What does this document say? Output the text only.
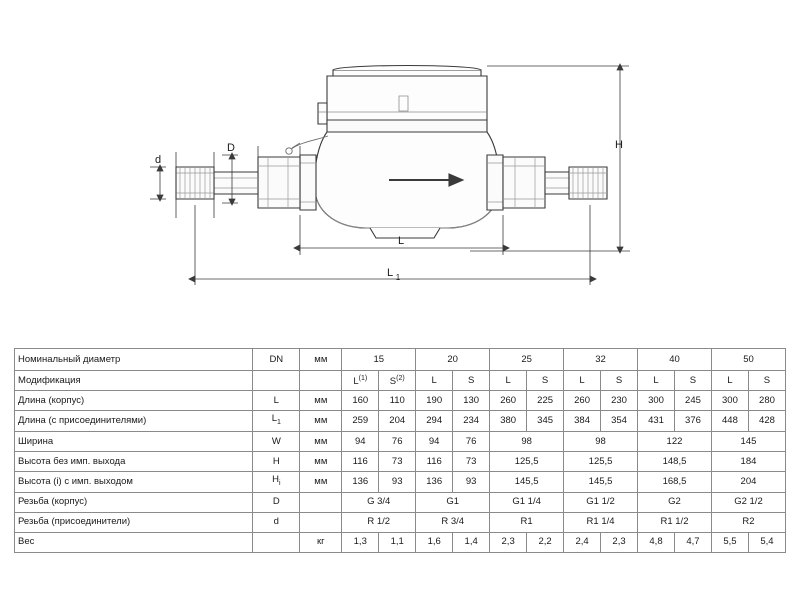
d
D	H
L
L 1
Номинальный диаметр	DN	мм	15		20		25		32		40		50	
Модификация			$L^{(1)}$	$S^{(2)}$	L	S	L	S	L	S	L	S	L	S
Длина (корпус)	L	мм	160	110	190	130	260	225	260	230	300	245	300	280
Длина (с присоединителями)	$L_1$	мм	259	204	294	234	380	345	384	354	431	376	448	428
Ширина	W	мм	94	76	94	76	98		98		122		145	
Высота без имп. выхода	H	мм	116	73	116	73	125,5		125,5		148,5		184	
Высота (i) с имп. выходом	$H_i$	мм	136	93	136	93	145,5		145,5		168,5		204	
Резьба (корпус)	D		G 3/4		G1		G1 1/4		G1 1/2		G2		G2 1/2	
Резьба (присоединители)	d		R 1/2		R 3/4		R1		R1 1/4		R1 1/2		R2	
Вес		кг	1,3	1,1	1,6	1,4	2,3	2,2	2,4	2,3	4,8	4,7	5,5	5,4
